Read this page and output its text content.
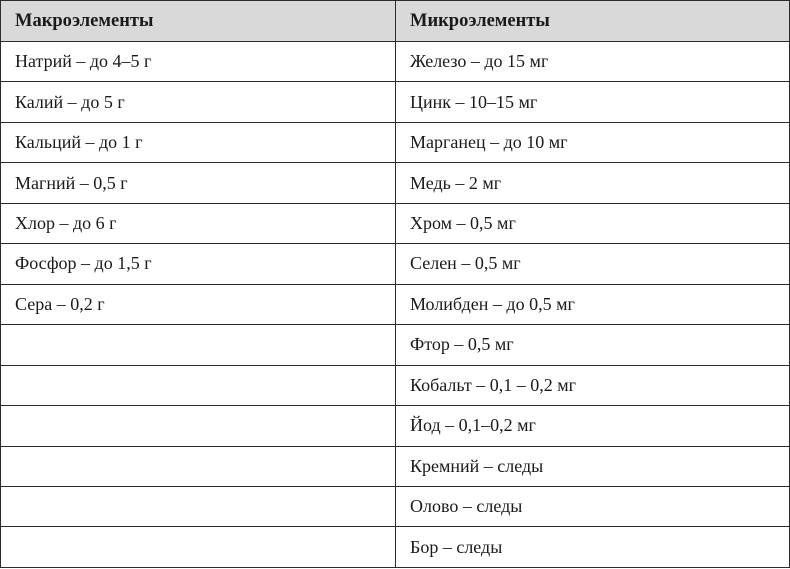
Макроэлементы	Микроэлементы
Натрий – до 4–5 г	Железо – до 15 мг
Калий – до 5 г	Цинк – 10–15 мг
Кальций – до 1 г	Марганец – до 10 мг
Магний – 0,5 г	Медь – 2 мг
Хлор – до 6 г	Хром – 0,5 мг
Фосфор – до 1,5 г	Селен – 0,5 мг
Сера – 0,2 г	Молибден – до 0,5 мг
	Фтор – 0,5 мг
	Кобальт – 0,1 – 0,2 мг
	Йод – 0,1–0,2 мг
	Кремний – следы
	Олово – следы
	Бор – следы
